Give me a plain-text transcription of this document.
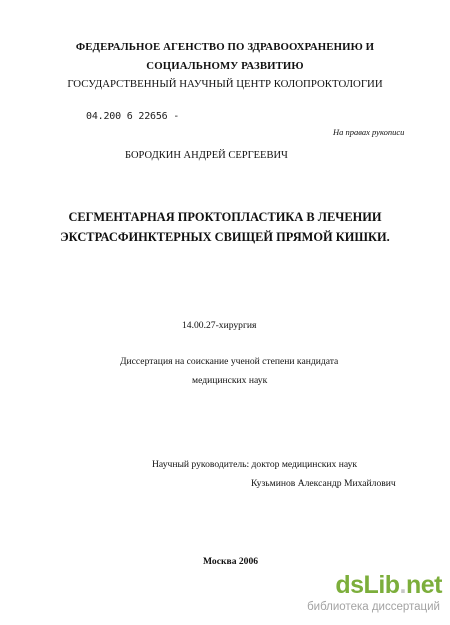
ФЕДЕРАЛЬНОЕ АГЕНСТВО ПО ЗДРАВООХРАНЕНИЮ И
СОЦИАЛЬНОМУ РАЗВИТИЮ
ГОСУДАРСТВЕННЫЙ НАУЧНЫЙ ЦЕНТР КОЛОПРОКТОЛОГИИ
04.200 6 22656 -
На правах рукописи
БОРОДКИН АНДРЕЙ СЕРГЕЕВИЧ
СЕГМЕНТАРНАЯ ПРОКТОПЛАСТИКА В ЛЕЧЕНИИ
ЭКСТРАСФИНКТЕРНЫХ СВИЩЕЙ ПРЯМОЙ КИШКИ.
14.00.27-хирургия
Диссертация на соискание ученой степени кандидата
медицинских наук
Научный руководитель: доктор медицинских наук
Кузьминов Александр Михайлович
Москва 2006
dsLib.net
библиотека диссертаций
